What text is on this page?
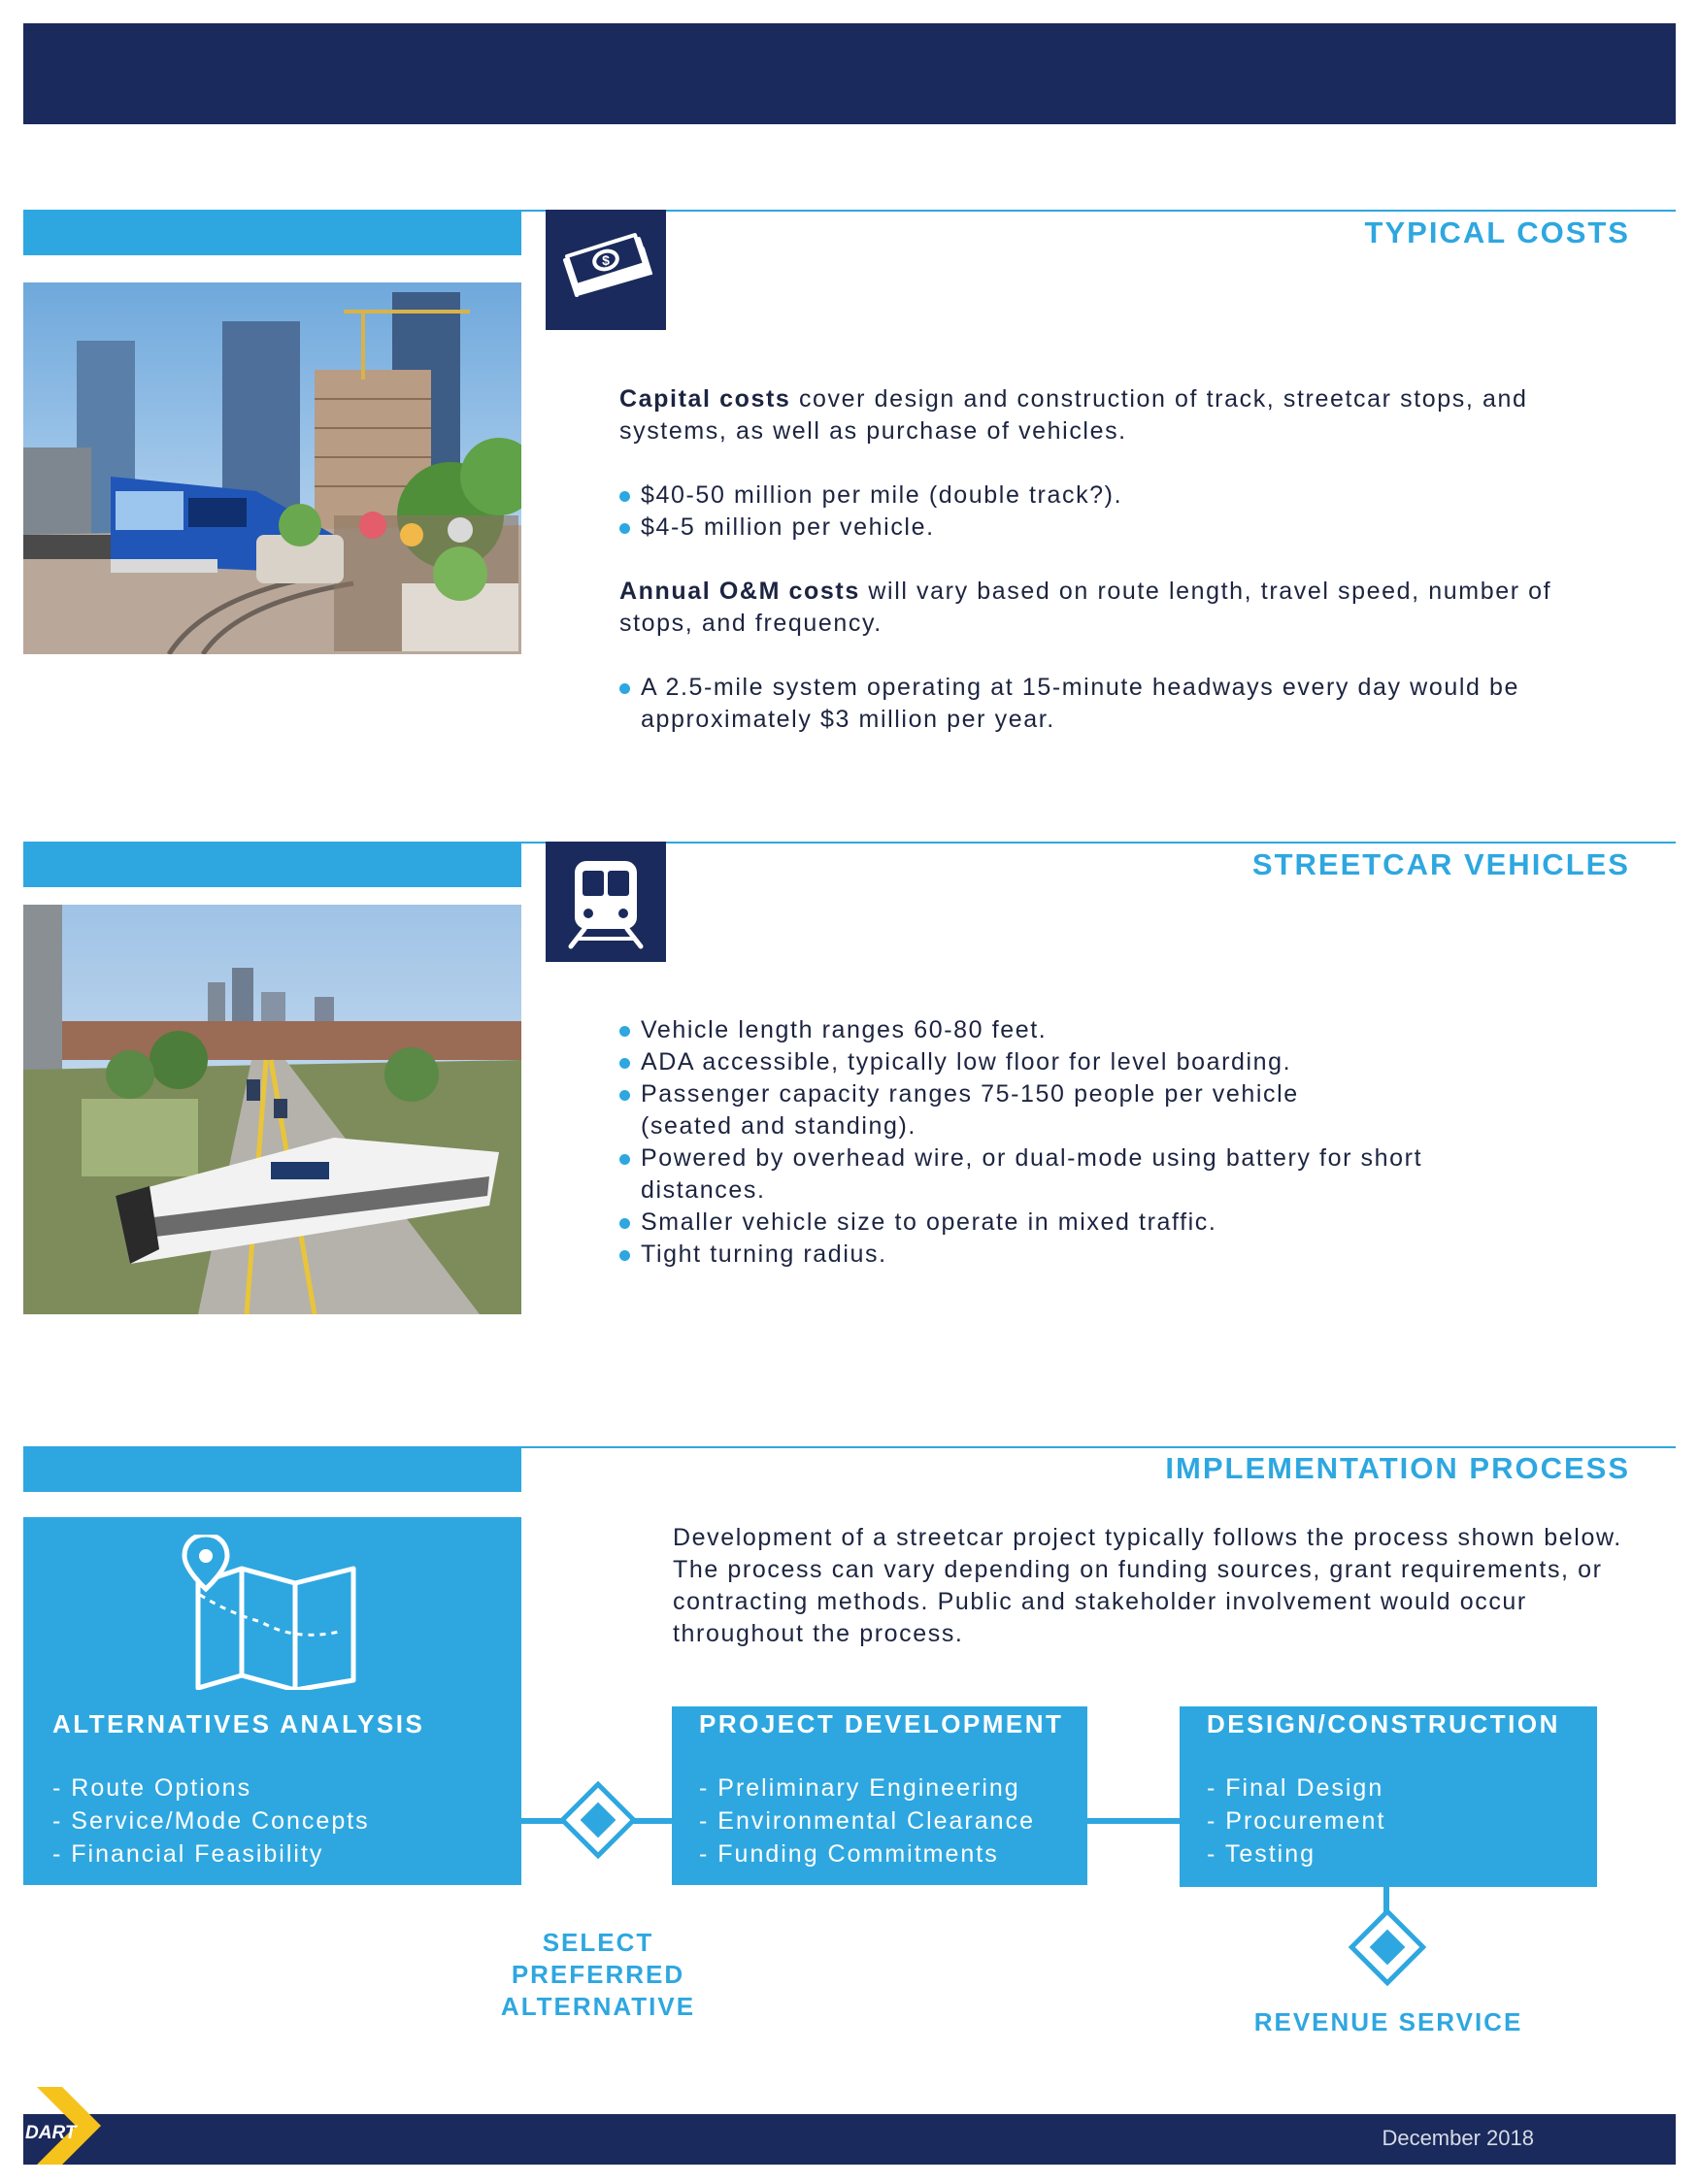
TYPICAL COSTS
$

Capital costs cover design and construction of track, streetcar stops, and systems, as well as purchase of vehicles.

$40-50 million per mile (double track?).
$4-5 million per vehicle.

Annual O&M costs will vary based on route length, travel speed, number of stops, and frequency.

A 2.5-mile system operating at 15-minute headways every day would be approximately $3 million per year.
STREETCAR VEHICLES
Vehicle length ranges 60-80 feet.
ADA accessible, typically low floor for level boarding.
Passenger capacity ranges 75-150 people per vehicle (seated and standing).
Powered by overhead wire, or dual-mode using battery for short distances.
Smaller vehicle size to operate in mixed traffic.
Tight turning radius.
IMPLEMENTATION PROCESS
Development of a streetcar project typically follows the process shown below. The process can vary depending on funding sources, grant requirements, or contracting methods. Public and stakeholder involvement would occur throughout the process.
ALTERNATIVES ANALYSIS
- Route Options
- Service/Mode Concepts
- Financial Feasibility
PROJECT DEVELOPMENT
- Preliminary Engineering
- Environmental Clearance
- Funding Commitments
DESIGN/CONSTRUCTION
- Final Design
- Procurement
- Testing
SELECT
PREFERRED
ALTERNATIVE
REVENUE SERVICE
DART	December 2018
